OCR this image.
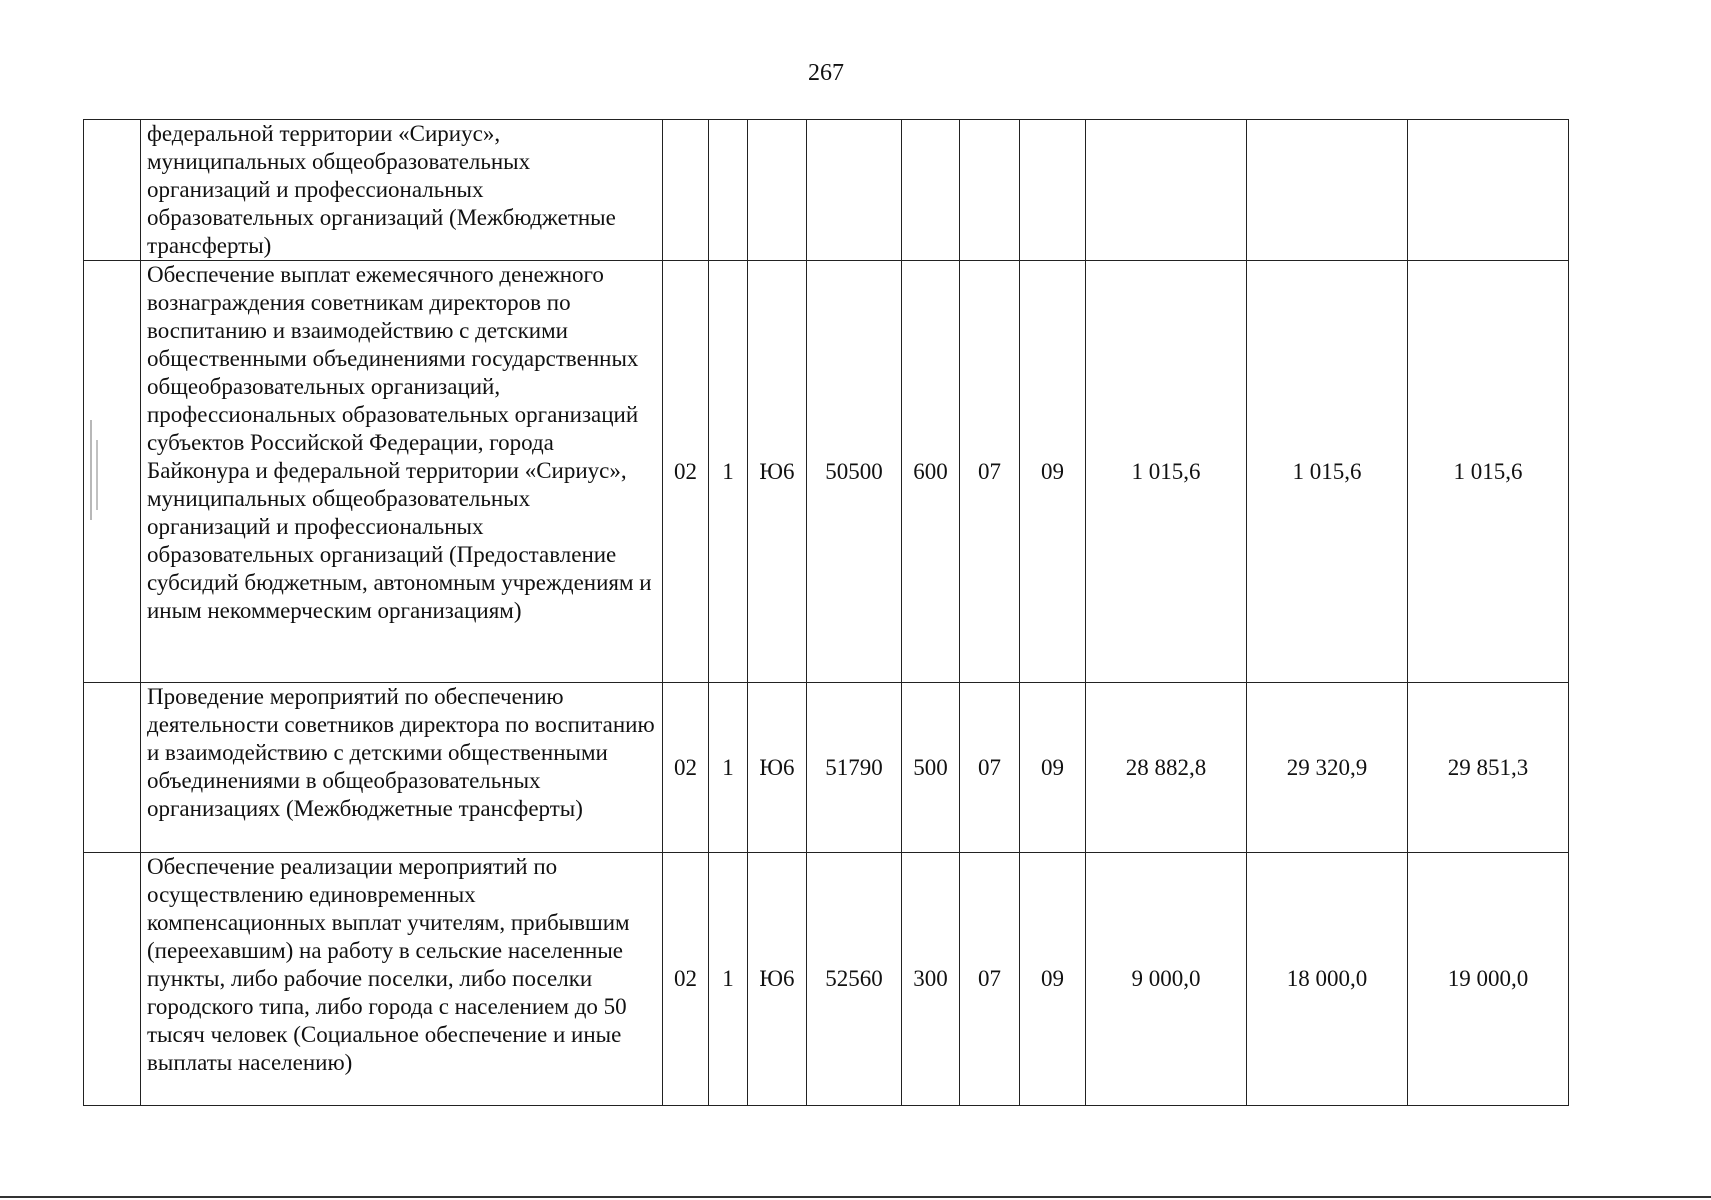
267
	федеральной территории «Сириус», муниципальных общеобразовательных организаций и профессиональных образовательных организаций (Межбюджетные трансферты)										
	Обеспечение выплат ежемесячного денежного вознаграждения советникам директоров по воспитанию и взаимодействию с детскими общественными объединениями государственных общеобразовательных организаций, профессиональных образовательных организаций субъектов Российской Федерации, города Байконура и федеральной территории «Сириус», муниципальных общеобразовательных организаций и профессиональных образовательных организаций (Предоставление субсидий бюджетным, автономным учреждениям и иным некоммерческим организациям)	02	1	Ю6	50500	600	07	09	1 015,6	1 015,6	1 015,6
	Проведение мероприятий по обеспечению деятельности советников директора по воспитанию и взаимодействию с детскими общественными объединениями в общеобразовательных организациях (Межбюджетные трансферты)	02	1	Ю6	51790	500	07	09	28 882,8	29 320,9	29 851,3
	Обеспечение реализации мероприятий по осуществлению единовременных компенсационных выплат учителям, прибывшим (переехавшим) на работу в сельские населенные пункты, либо рабочие поселки, либо поселки городского типа, либо города с населением до 50 тысяч человек (Социальное обеспечение и иные выплаты населению)	02	1	Ю6	52560	300	07	09	9 000,0	18 000,0	19 000,0
